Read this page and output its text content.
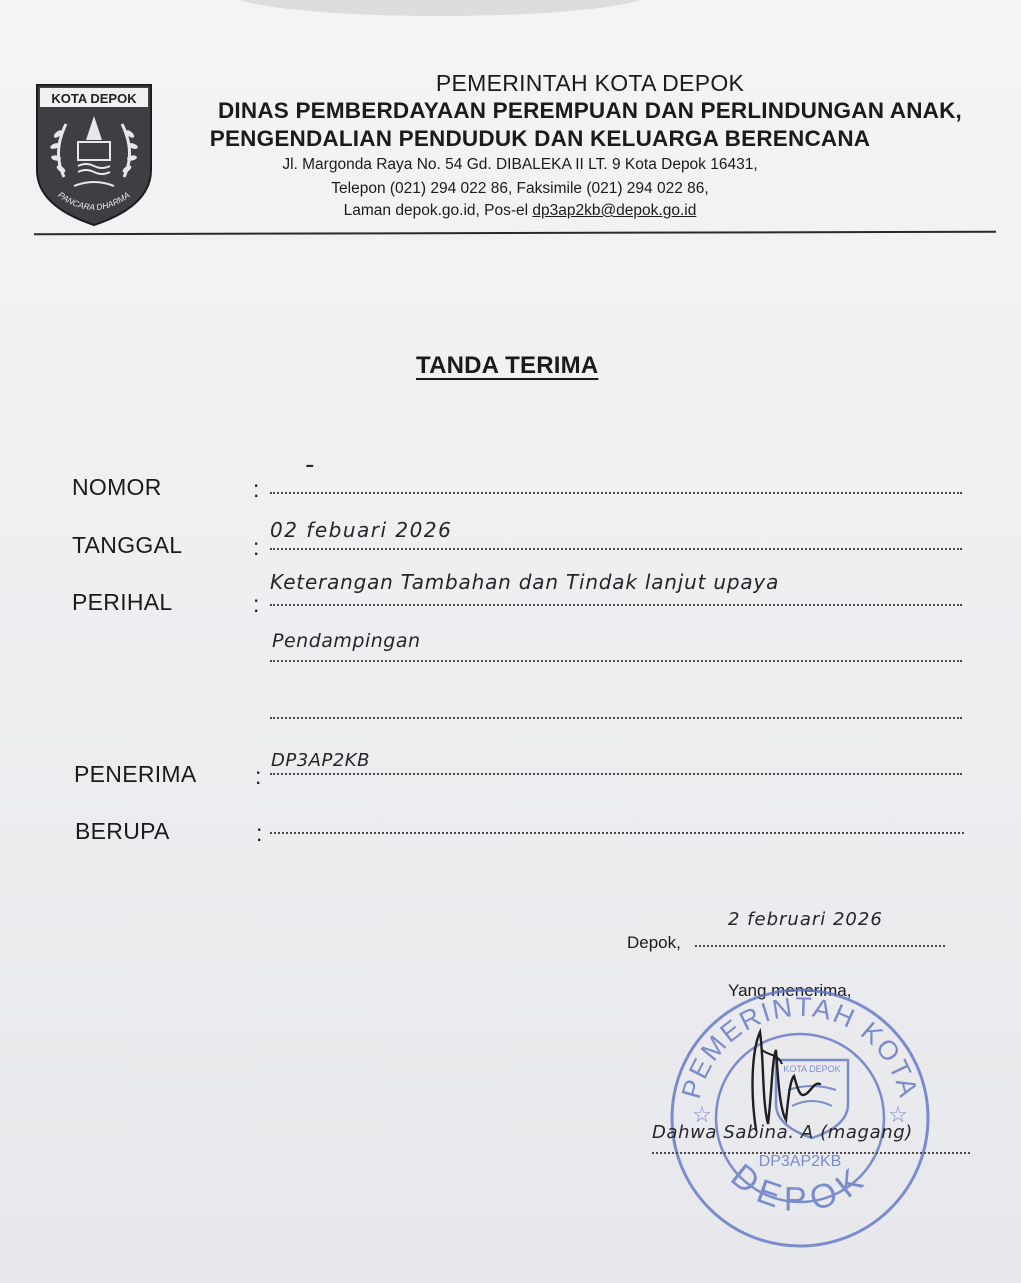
KOTA DEPOK
PANCARA DHARMA
PEMERINTAH KOTA DEPOK
DINAS PEMBERDAYAAN PEREMPUAN DAN PERLINDUNGAN ANAK,
PENGENDALIAN PENDUDUK DAN KELUARGA BERENCANA
Jl. Margonda Raya No. 54 Gd. DIBALEKA II LT. 9 Kota Depok 16431,
Telepon (021) 294 022 86, Faksimile (021) 294 022 86,
Laman depok.go.id, Pos-el dp3ap2kb@depok.go.id
TANDA TERIMA
NOMOR	:
-
TANGGAL	:
02 febuari 2026
PERIHAL	:
Keterangan Tambahan dan Tindak lanjut upaya
Pendampingan
PENERIMA	:
DP3AP2KB
BERUPA	:
Depok,
2 februari 2026
Yang menerima,
PEMERINTAH KOTA
DEPOK
☆	☆
KOTA DEPOK
DP3AP2KB
Dahwa Sabina. A (magang)
